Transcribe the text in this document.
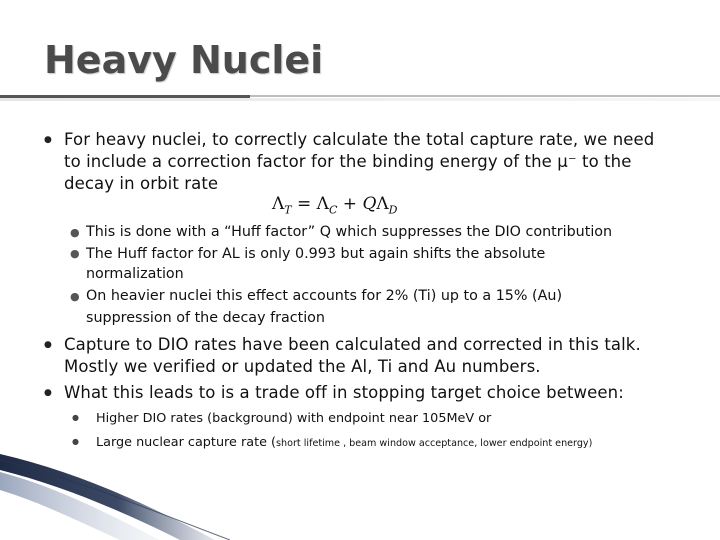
Heavy Nuclei
● For heavy nuclei, to correctly calculate the total capture rate, we need
to include a correction factor for the binding energy of the μ⁻ to the
decay in orbit rate
$\Lambda_T = \Lambda_C + Q\Lambda_D$
● This is done with a “Huff factor” Q which suppresses the DIO contribution
● The Huff factor for AL is only 0.993 but again shifts the absolute
normalization
● On heavier nuclei this effect accounts for 2% (Ti) up to a 15% (Au)
suppression of the decay fraction
● Capture to DIO rates have been calculated and corrected in this talk.
Mostly we verified or updated the Al, Ti and Au numbers.
● What this leads to is a trade off in stopping target choice between:
● Higher DIO rates (background) with endpoint near 105MeV or
● Large nuclear capture rate (short lifetime , beam window acceptance, lower endpoint energy)
